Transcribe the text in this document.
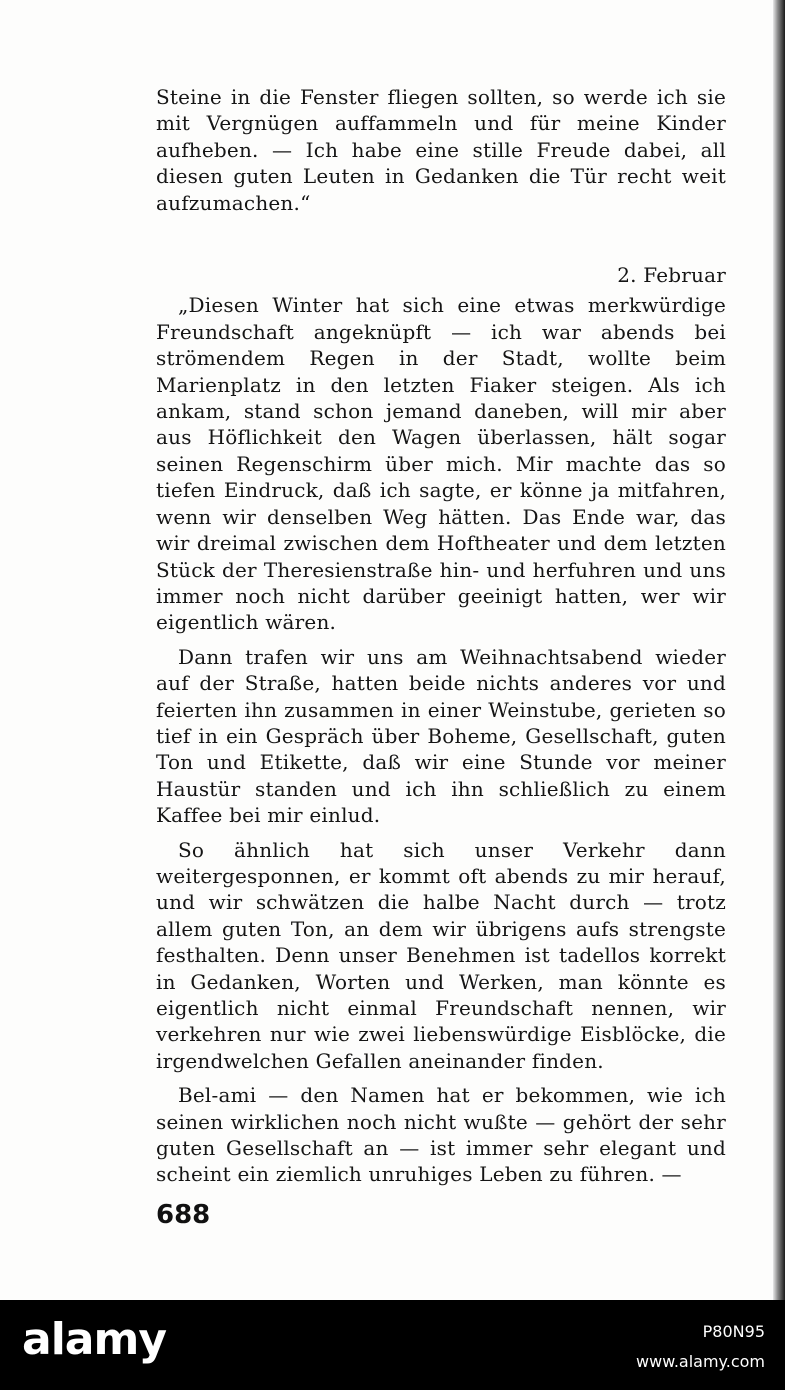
Steine in die Fenster fliegen sollten, so werde ich sie mit Vergnügen auffammeln und für meine Kinder aufheben. — Ich habe eine stille Freude dabei, all diesen guten Leuten in Gedanken die Tür recht weit aufzumachen.“

2. Februar

„Diesen Winter hat sich eine etwas merkwürdige Freundschaft angeknüpft — ich war abends bei strömendem Regen in der Stadt, wollte beim Marienplatz in den letzten Fiaker steigen. Als ich ankam, stand schon jemand daneben, will mir aber aus Höflichkeit den Wagen überlassen, hält sogar seinen Regenschirm über mich. Mir machte das so tiefen Eindruck, daß ich sagte, er könne ja mitfahren, wenn wir denselben Weg hätten. Das Ende war, das wir dreimal zwischen dem Hoftheater und dem letzten Stück der Theresienstraße hin- und herfuhren und uns immer noch nicht darüber geeinigt hatten, wer wir eigentlich wären.

Dann trafen wir uns am Weihnachtsabend wieder auf der Straße, hatten beide nichts anderes vor und feierten ihn zusammen in einer Weinstube, gerieten so tief in ein Gespräch über Boheme, Gesellschaft, guten Ton und Etikette, daß wir eine Stunde vor meiner Haustür standen und ich ihn schließlich zu einem Kaffee bei mir einlud.

So ähnlich hat sich unser Verkehr dann weitergesponnen, er kommt oft abends zu mir herauf, und wir schwätzen die halbe Nacht durch — trotz allem guten Ton, an dem wir übrigens aufs strengste festhalten. Denn unser Benehmen ist tadellos korrekt in Gedanken, Worten und Werken, man könnte es eigentlich nicht einmal Freundschaft nennen, wir verkehren nur wie zwei liebenswürdige Eisblöcke, die irgendwelchen Gefallen aneinander finden.

Bel-ami — den Namen hat er bekommen, wie ich seinen wirklichen noch nicht wußte — gehört der sehr guten Gesellschaft an — ist immer sehr elegant und scheint ein ziemlich unruhiges Leben zu führen. —

688
alamy	P80N95
www.alamy.com
